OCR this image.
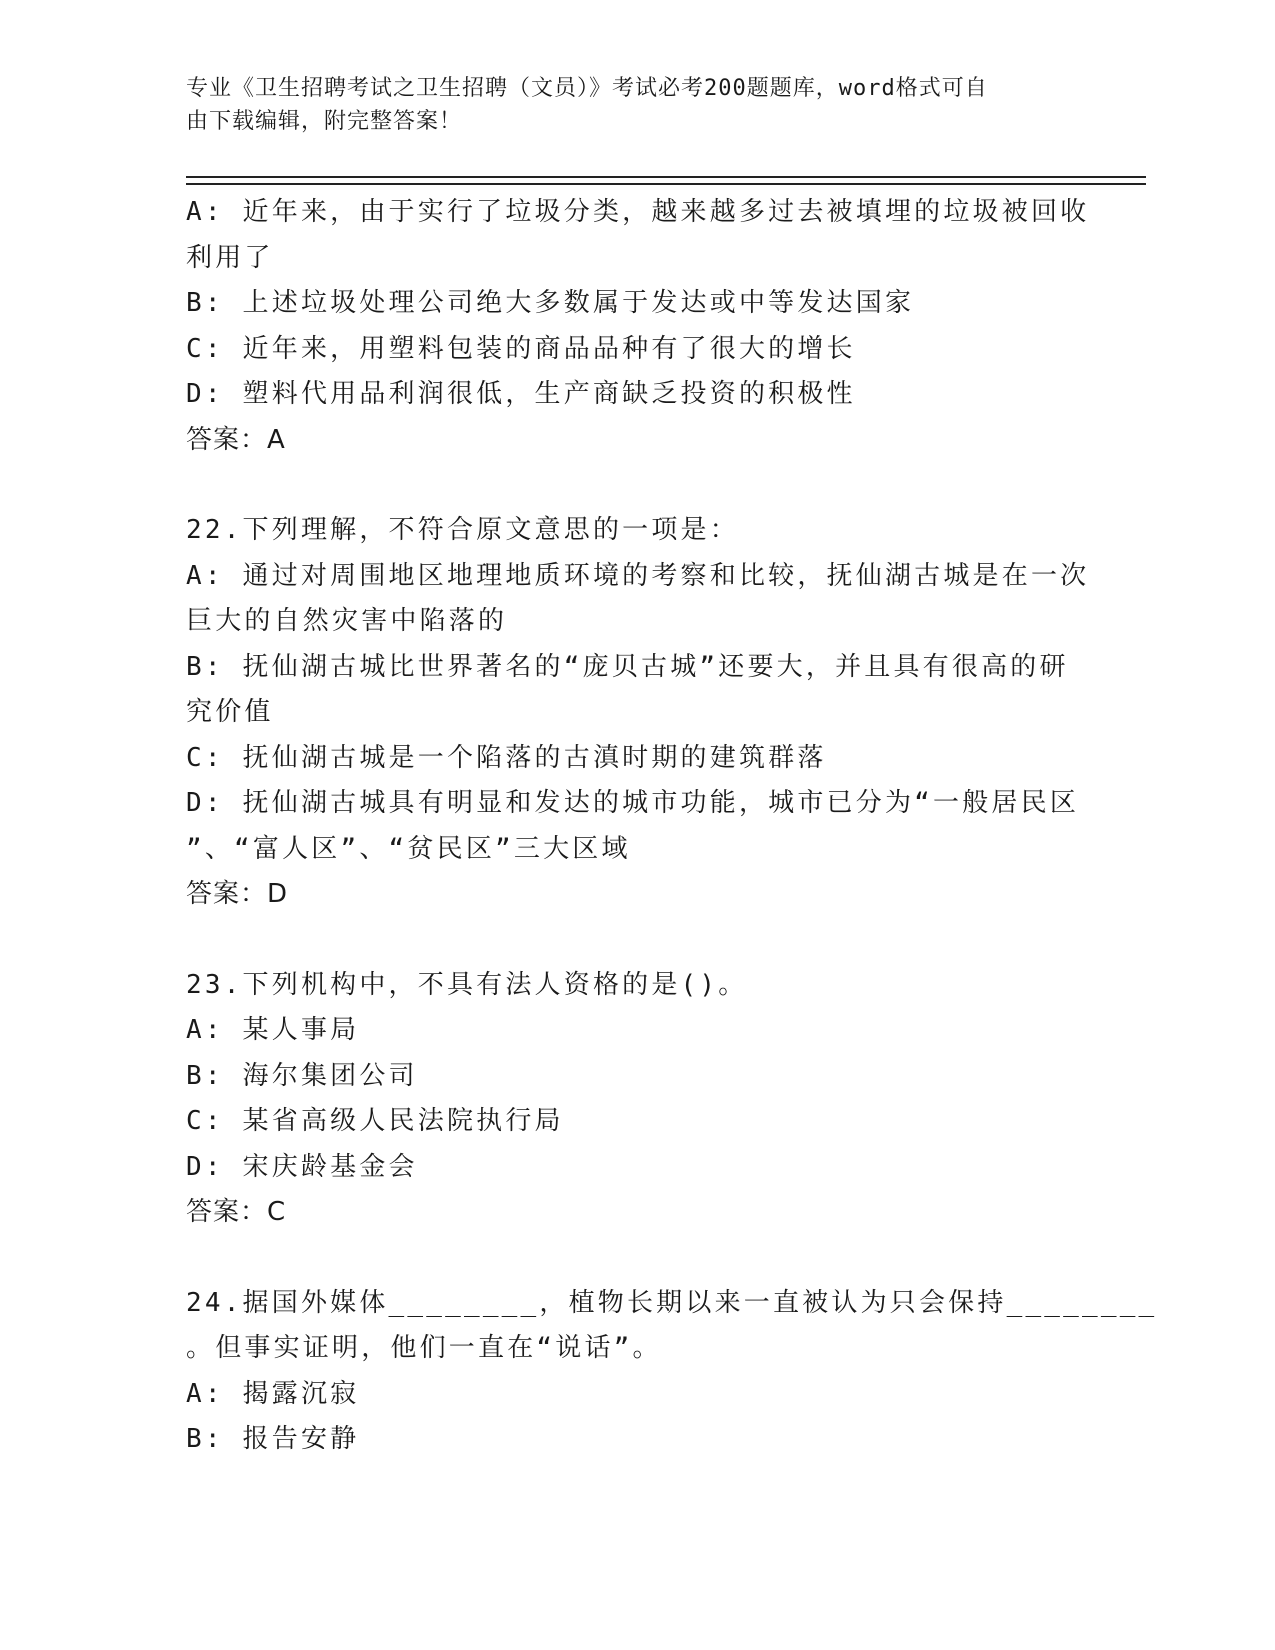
专业《卫生招聘考试之卫生招聘（文员）》考试必考200题题库，word格式可自
由下载编辑，附完整答案！
A: 近年来，由于实行了垃圾分类，越来越多过去被填埋的垃圾被回收
利用了
B: 上述垃圾处理公司绝大多数属于发达或中等发达国家
C: 近年来，用塑料包装的商品品种有了很大的增长
D: 塑料代用品利润很低，生产商缺乏投资的积极性
答案：A
22.下列理解，不符合原文意思的一项是：
A: 通过对周围地区地理地质环境的考察和比较，抚仙湖古城是在一次
巨大的自然灾害中陷落的
B: 抚仙湖古城比世界著名的“庞贝古城”还要大，并且具有很高的研
究价值
C: 抚仙湖古城是一个陷落的古滇时期的建筑群落
D: 抚仙湖古城具有明显和发达的城市功能，城市已分为“一般居民区
”、“富人区”、“贫民区”三大区域
答案：D
23.下列机构中，不具有法人资格的是()。
A: 某人事局
B: 海尔集团公司
C: 某省高级人民法院执行局
D: 宋庆龄基金会
答案：C
24.据国外媒体________，植物长期以来一直被认为只会保持________
。但事实证明，他们一直在“说话”。
A: 揭露沉寂
B: 报告安静
